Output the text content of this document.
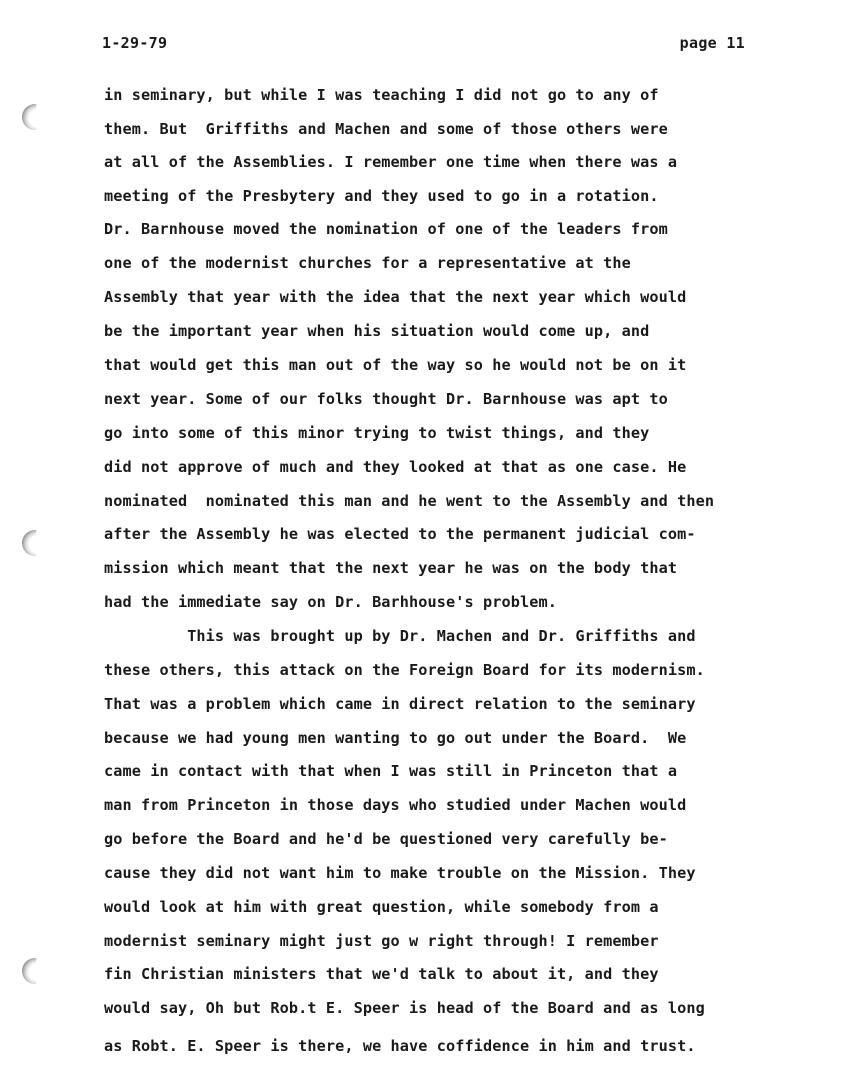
1-29-79	page 11
in seminary, but while I was teaching I did not go to any of
them. But  Griffiths and Machen and some of those others were
at all of the Assemblies. I remember one time when there was a
meeting of the Presbytery and they used to go in a rotation.
Dr. Barnhouse moved the nomination of one of the leaders from
one of the modernist churches for a representative at the
Assembly that year with the idea that the next year which would
be the important year when his situation would come up, and
that would get this man out of the way so he would not be on it
next year. Some of our folks thought Dr. Barnhouse was apt to
go into some of this minor trying to twist things, and they
did not approve of much and they looked at that as one case. He
nominated  nominated this man and he went to the Assembly and then
after the Assembly he was elected to the permanent judicial com-
mission which meant that the next year he was on the body that
had the immediate say on Dr. Barhhouse's problem.
This was brought up by Dr. Machen and Dr. Griffiths and
these others, this attack on the Foreign Board for its modernism.
That was a problem which came in direct relation to the seminary
because we had young men wanting to go out under the Board.  We
came in contact with that when I was still in Princeton that a
man from Princeton in those days who studied under Machen would
go before the Board and he'd be questioned very carefully be-
cause they did not want him to make trouble on the Mission. They
would look at him with great question, while somebody from a
modernist seminary might just go w right through! I remember
fin Christian ministers that we'd talk to about it, and they
would say, Oh but Rob.t E. Speer is head of the Board and as long
as Robt. E. Speer is there, we have coffidence in him and trust.
